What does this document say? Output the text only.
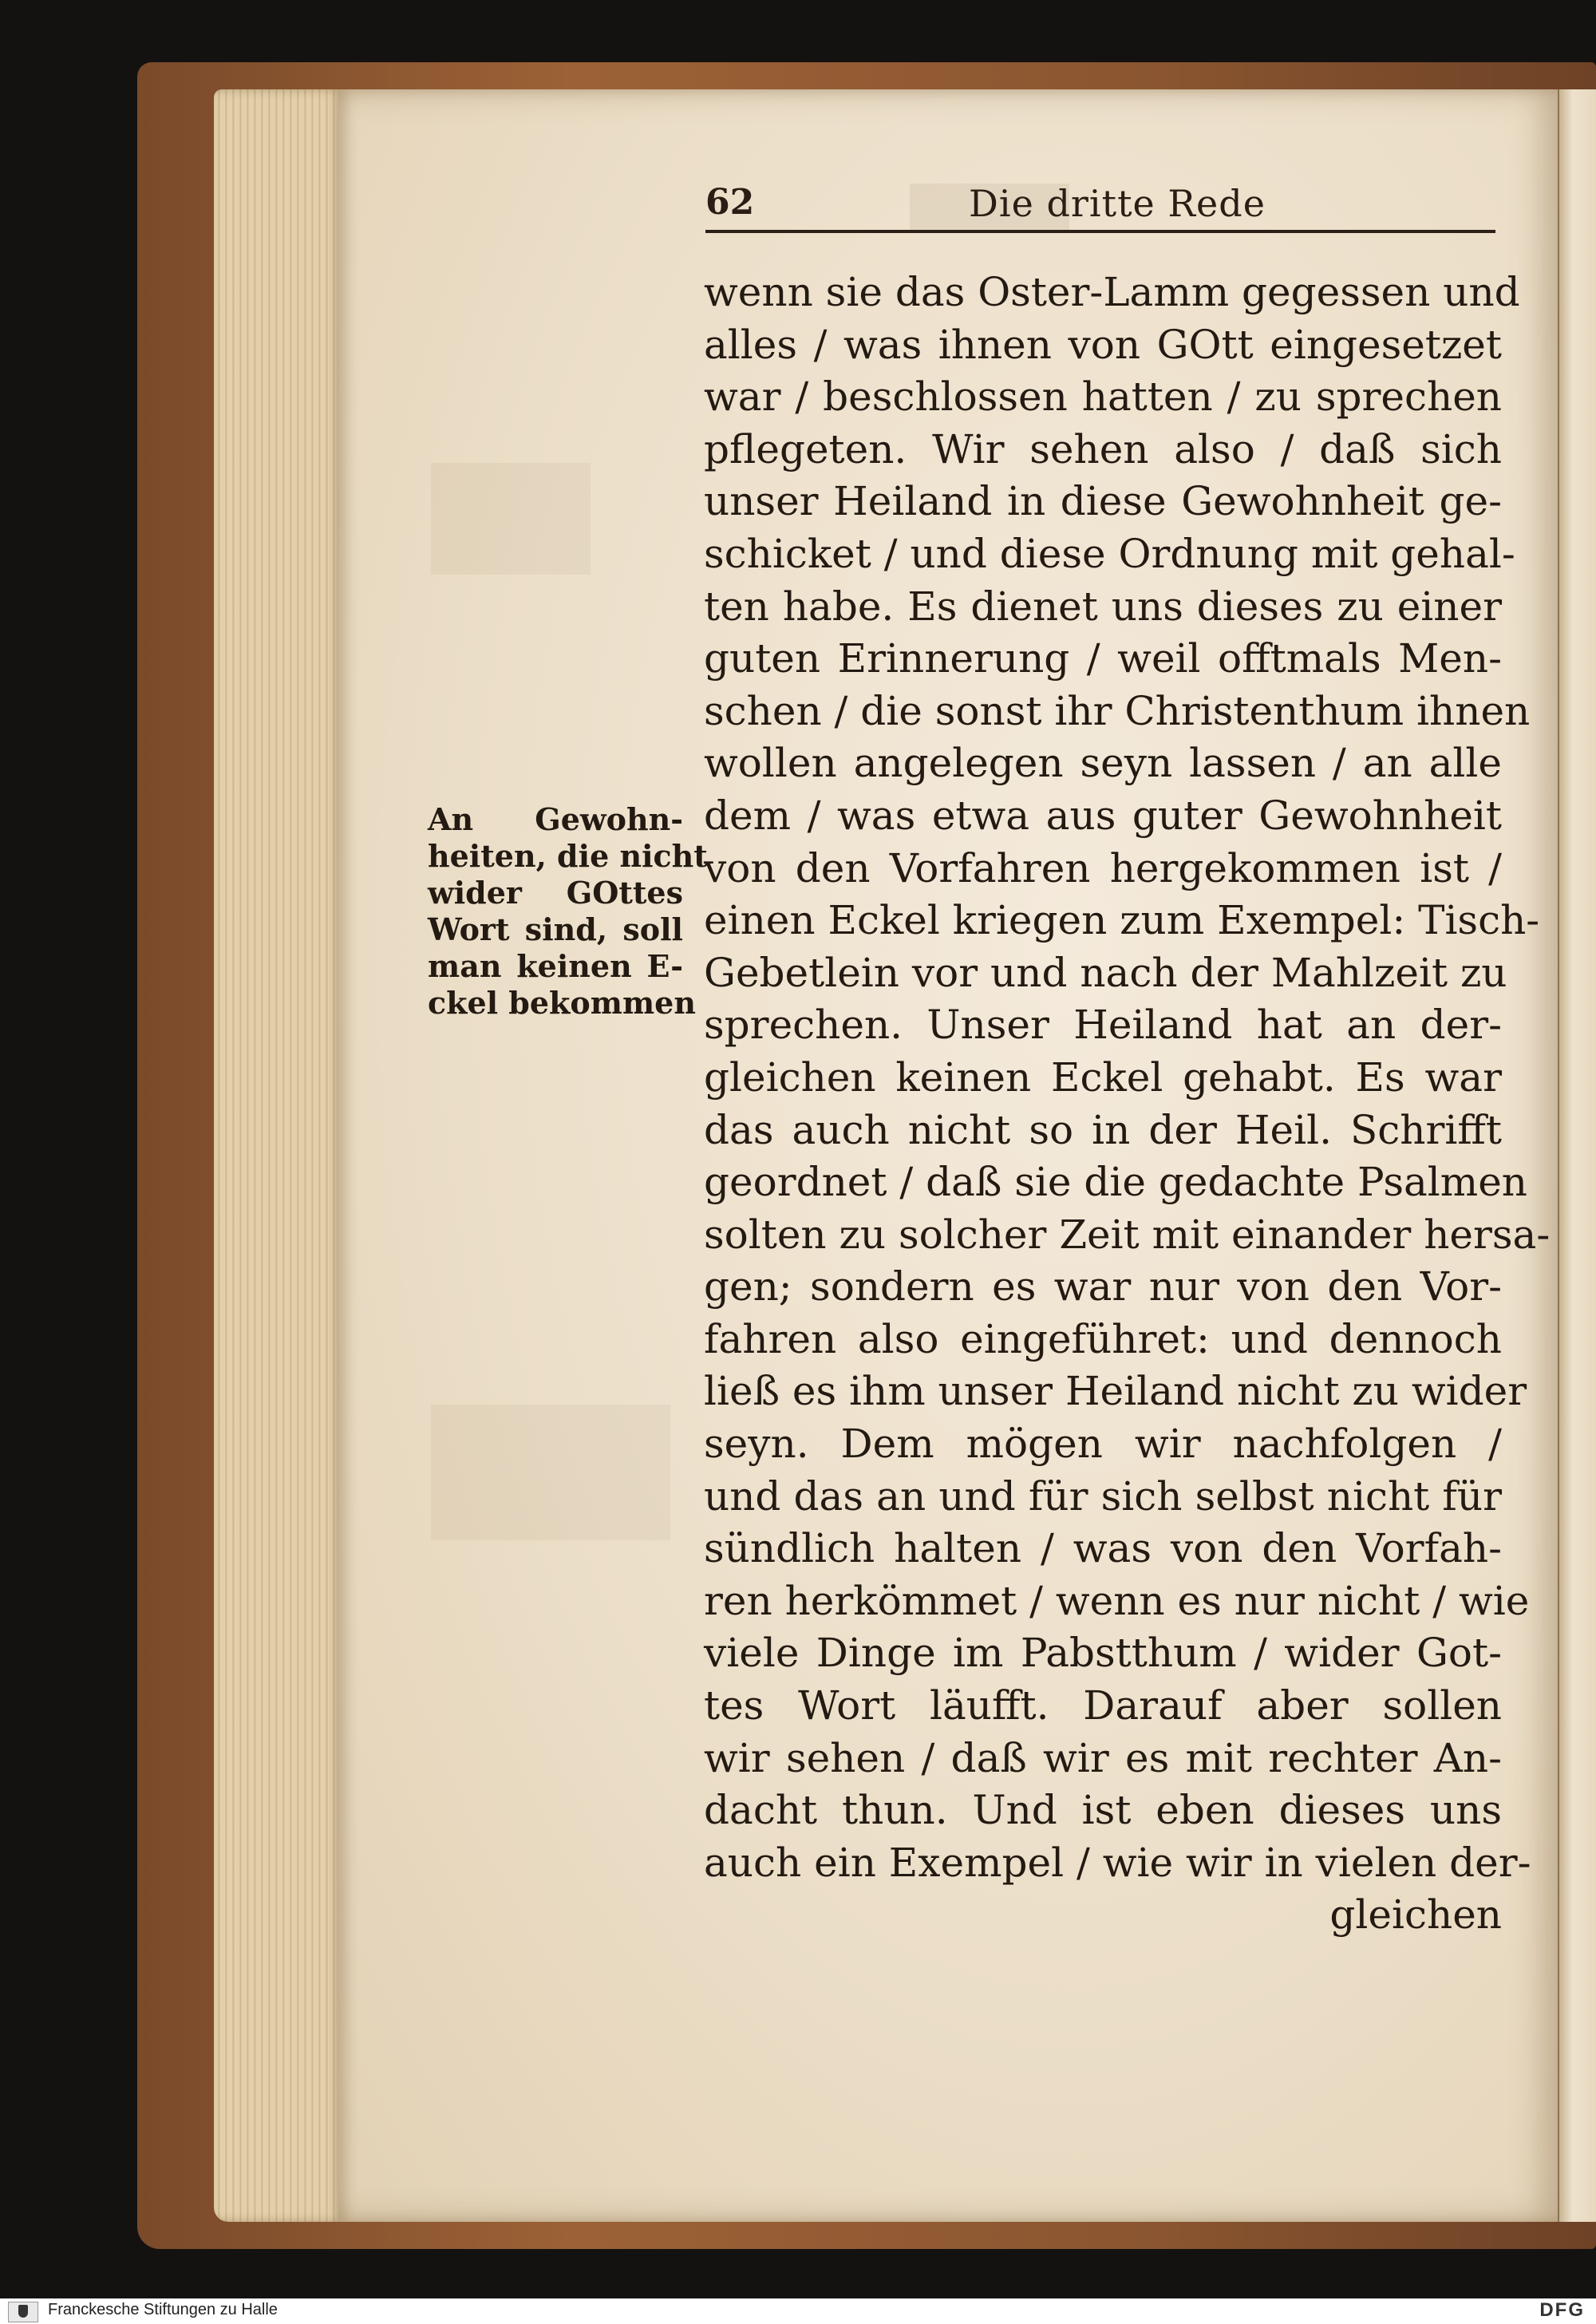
62	Die dritte Rede
An Gewohn-
heiten, die nicht
wider GOttes
Wort sind, soll
man keinen E-
ckel bekommen
wenn sie das Oster-Lamm gegessen und
alles / was ihnen von GOtt eingesetzet
war / beschlossen hatten / zu sprechen
pflegeten. Wir sehen also / daß sich
unser Heiland in diese Gewohnheit ge-
schicket / und diese Ordnung mit gehal-
ten habe. Es dienet uns dieses zu einer
guten Erinnerung / weil offtmals Men-
schen / die sonst ihr Christenthum ihnen
wollen angelegen seyn lassen / an alle
dem / was etwa aus guter Gewohnheit
von den Vorfahren hergekommen ist /
einen Eckel kriegen zum Exempel: Tisch-
Gebetlein vor und nach der Mahlzeit zu
sprechen. Unser Heiland hat an der-
gleichen keinen Eckel gehabt. Es war
das auch nicht so in der Heil. Schrifft
geordnet / daß sie die gedachte Psalmen
solten zu solcher Zeit mit einander hersa-
gen; sondern es war nur von den Vor-
fahren also eingeführet: und dennoch
ließ es ihm unser Heiland nicht zu wider
seyn. Dem mögen wir nachfolgen /
und das an und für sich selbst nicht für
sündlich halten / was von den Vorfah-
ren herkömmet / wenn es nur nicht / wie
viele Dinge im Pabstthum / wider Got-
tes Wort läufft. Darauf aber sollen
wir sehen / daß wir es mit rechter An-
dacht thun. Und ist eben dieses uns
auch ein Exempel / wie wir in vielen der-
gleichen
Franckesche Stiftungen zu Halle	DFG
